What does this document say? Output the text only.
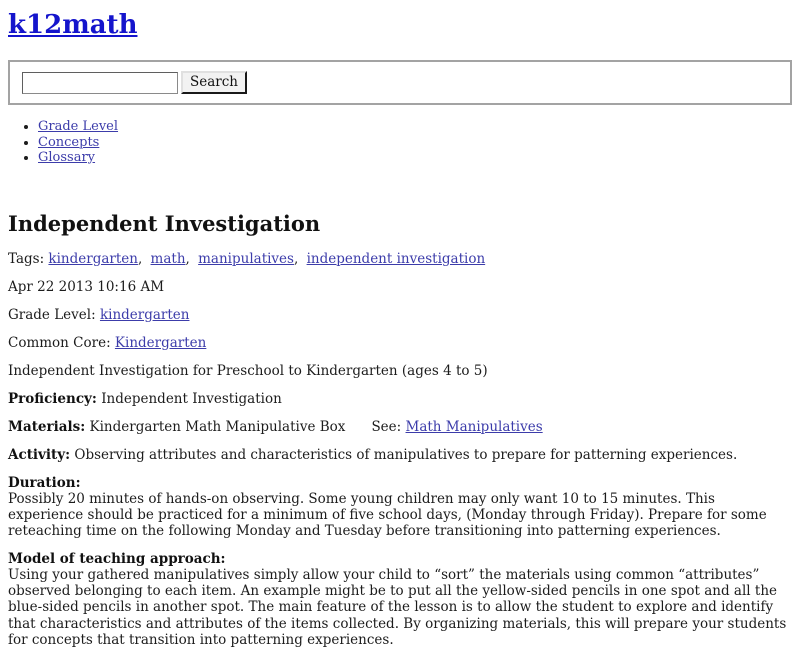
k12math
Search
• Grade Level
• Concepts
• Glossary
Independent Investigation

Tags: kindergarten, math, manipulatives, independent investigation

Apr 22 2013 10:16 AM

Grade Level: kindergarten

Common Core: Kindergarten

Independent Investigation for Preschool to Kindergarten (ages 4 to 5)

Proficiency: Independent Investigation

Materials: Kindergarten Math Manipulative Box See: Math Manipulatives

Activity: Observing attributes and characteristics of manipulatives to prepare for patterning experiences.

Duration:
Possibly 20 minutes of hands-on observing. Some young children may only want 10 to 15 minutes. This experience should be practiced for a minimum of five school days, (Monday through Friday). Prepare for some reteaching time on the following Monday and Tuesday before transitioning into patterning experiences.

Model of teaching approach:
Using your gathered manipulatives simply allow your child to “sort” the materials using common “attributes” observed belonging to each item. An example might be to put all the yellow-sided pencils in one spot and all the blue-sided pencils in another spot. The main feature of the lesson is to allow the student to explore and identify that characteristics and attributes of the items collected. By organizing materials, this will prepare your students for concepts that transition into patterning experiences.
